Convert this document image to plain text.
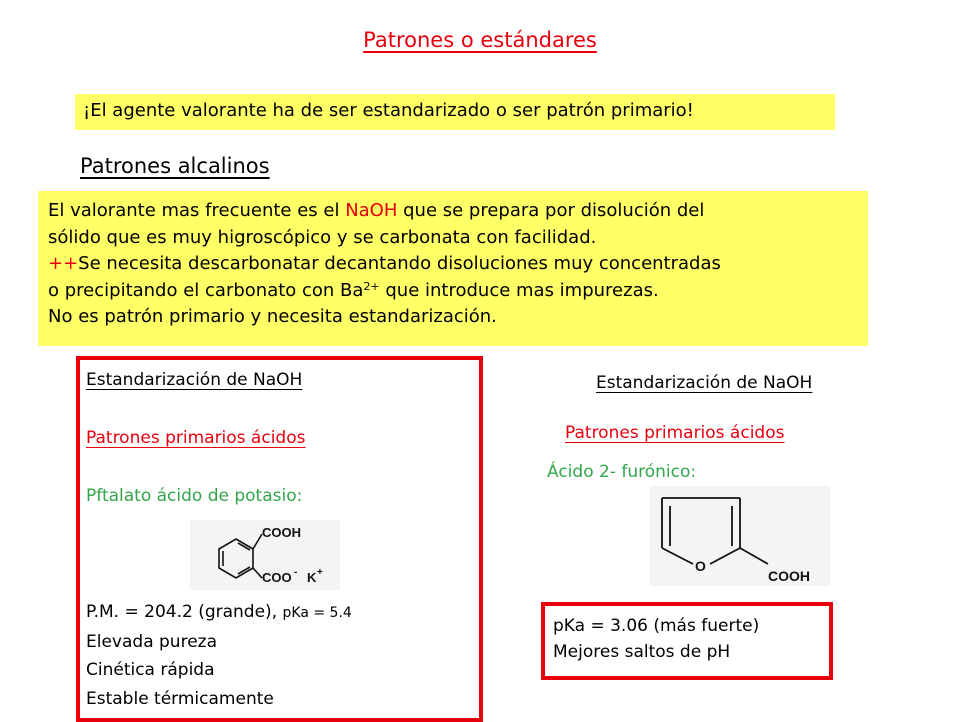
Patrones o estándares
¡El agente valorante ha de ser estandarizado o ser patrón primario!
Patrones alcalinos
El valorante mas frecuente es el NaOH que se prepara por disolución del
sólido que es muy higroscópico y se carbonata con facilidad.
++Se necesita descarbonatar decantando disoluciones muy concentradas
o precipitando el carbonato con $Ba^{2+}$ que introduce mas impurezas.
No es patrón primario y necesita estandarización.
Estandarización de NaOH
Patrones primarios ácidos
Pftalato ácido de potasio:
COOH
COO - K +
P.M. = 204.2 (grande), pKa = 5.4
Elevada pureza
Cinética rápida
Estable térmicamente
Estandarización de NaOH
Patrones primarios ácidos
Ácido 2- furónico:
O
COOH
pKa = 3.06 (más fuerte)
Mejores saltos de pH
